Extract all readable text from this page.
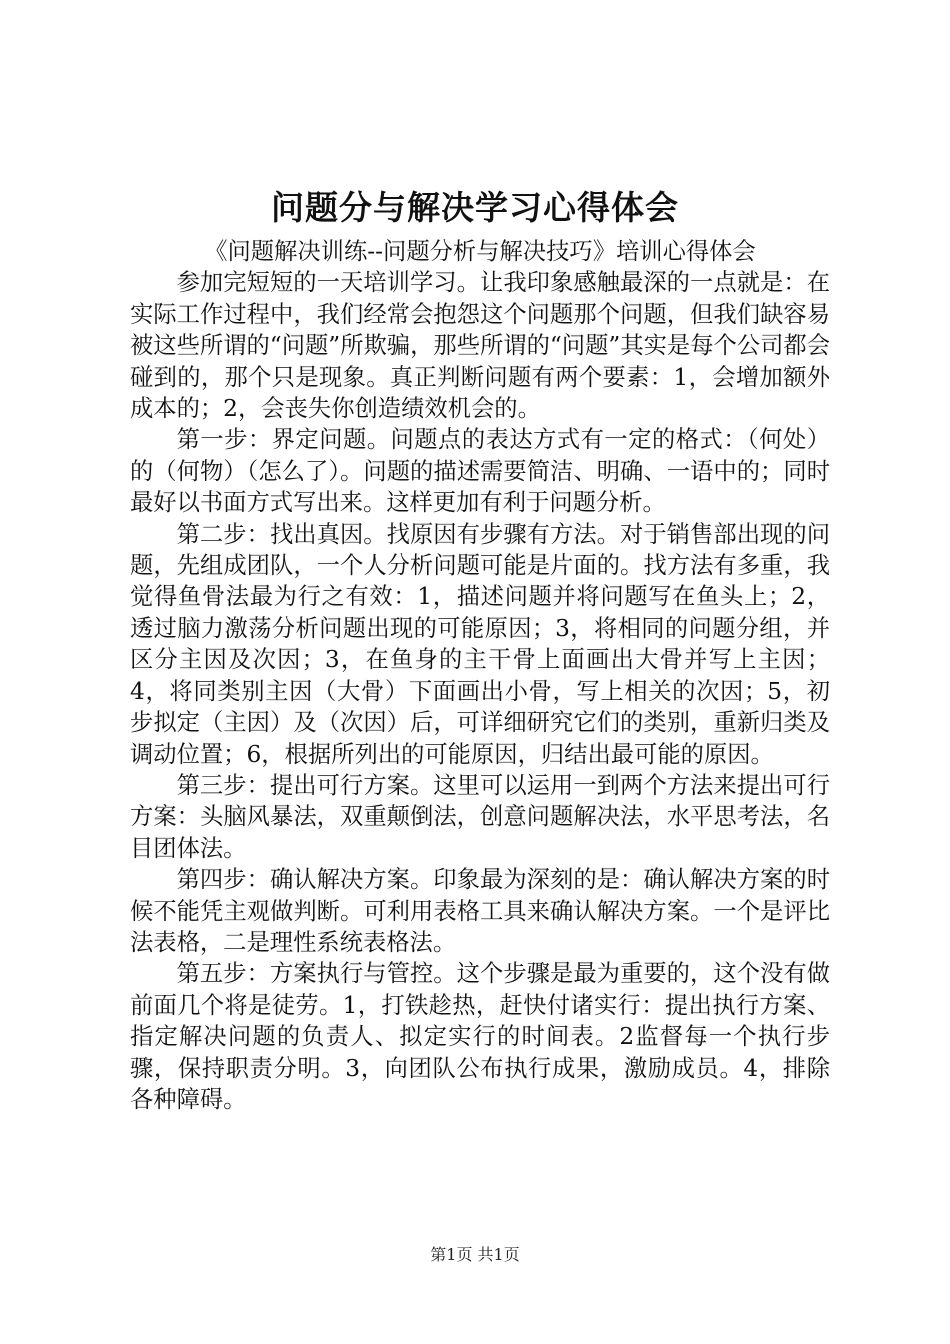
问题分与解决学习心得体会

《问题解决训练--问题分析与解决技巧》培训心得体会

参加完短短的一天培训学习。让我印象感触最深的一点就是：在实际工作过程中，我们经常会抱怨这个问题那个问题，但我们缺容易被这些所谓的“问题”所欺骗，那些所谓的“问题”其实是每个公司都会碰到的，那个只是现象。真正判断问题有两个要素：1，会增加额外成本的；2，会丧失你创造绩效机会的。

第一步：界定问题。问题点的表达方式有一定的格式：（何处）的（何物）（怎么了）。问题的描述需要简洁、明确、一语中的；同时最好以书面方式写出来。这样更加有利于问题分析。

第二步：找出真因。找原因有步骤有方法。对于销售部出现的问题，先组成团队，一个人分析问题可能是片面的。找方法有多重，我觉得鱼骨法最为行之有效：1，描述问题并将问题写在鱼头上；2，透过脑力激荡分析问题出现的可能原因；3，将相同的问题分组，并区分主因及次因；3，在鱼身的主干骨上面画出大骨并写上主因；4，将同类别主因（大骨）下面画出小骨，写上相关的次因；5，初步拟定（主因）及（次因）后，可详细研究它们的类别，重新归类及调动位置；6，根据所列出的可能原因，归结出最可能的原因。

第三步：提出可行方案。这里可以运用一到两个方法来提出可行方案：头脑风暴法，双重颠倒法，创意问题解决法，水平思考法，名目团体法。

第四步：确认解决方案。印象最为深刻的是：确认解决方案的时候不能凭主观做判断。可利用表格工具来确认解决方案。一个是评比法表格，二是理性系统表格法。

第五步：方案执行与管控。这个步骤是最为重要的，这个没有做前面几个将是徒劳。1，打铁趁热，赶快付诸实行：提出执行方案、指定解决问题的负责人、拟定实行的时间表。2监督每一个执行步骤，保持职责分明。3，向团队公布执行成果，激励成员。4，排除各种障碍。

第1页 共1页
